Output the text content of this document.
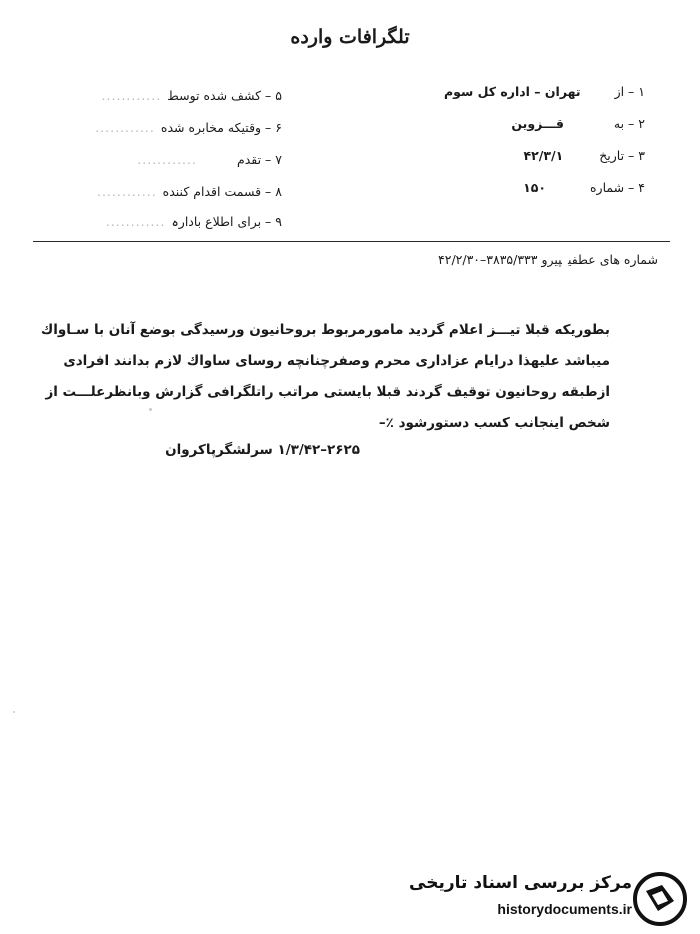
تلگرافات وارده
۱ – ازتهران – اداره کل سوم
۲ – بهقـــزوین
۳ – تاریخ۴۲/۳/۱
۴ – شماره۱۵۰
۵ – کشف شده توسط............
۶ – وقتیکه مخابره شده............
۷ – تقدم............
۸ – قسمت اقدام کننده............
۹ – برای اطلاع بادارہ............
شماره های عطفیپیرو ۳۸۳۵/۳۳۳–۴۲/۲/۳۰
بطوریکه قبلا تیـــز اعلام گردید مامورمربوط بروحانیون ورسیدگی بوضع آنان با سـاواك
میباشد علیهذا درایام عزاداری محرم وصفرچنانچه روسای ساواك لازم بدانند افرادی
ازطبقه روحانیون توقیف گردند قبلا بایستی مراتب راتلگرافی گزارش وبانظرعلـــت از
شخص اینجانب کسب دستورشود ٪–
۲۶۲۵–۱/۳/۴۲ سرلشگرپاکروان
مرکز بررسی اسناد تاریخی
historydocuments.ir
